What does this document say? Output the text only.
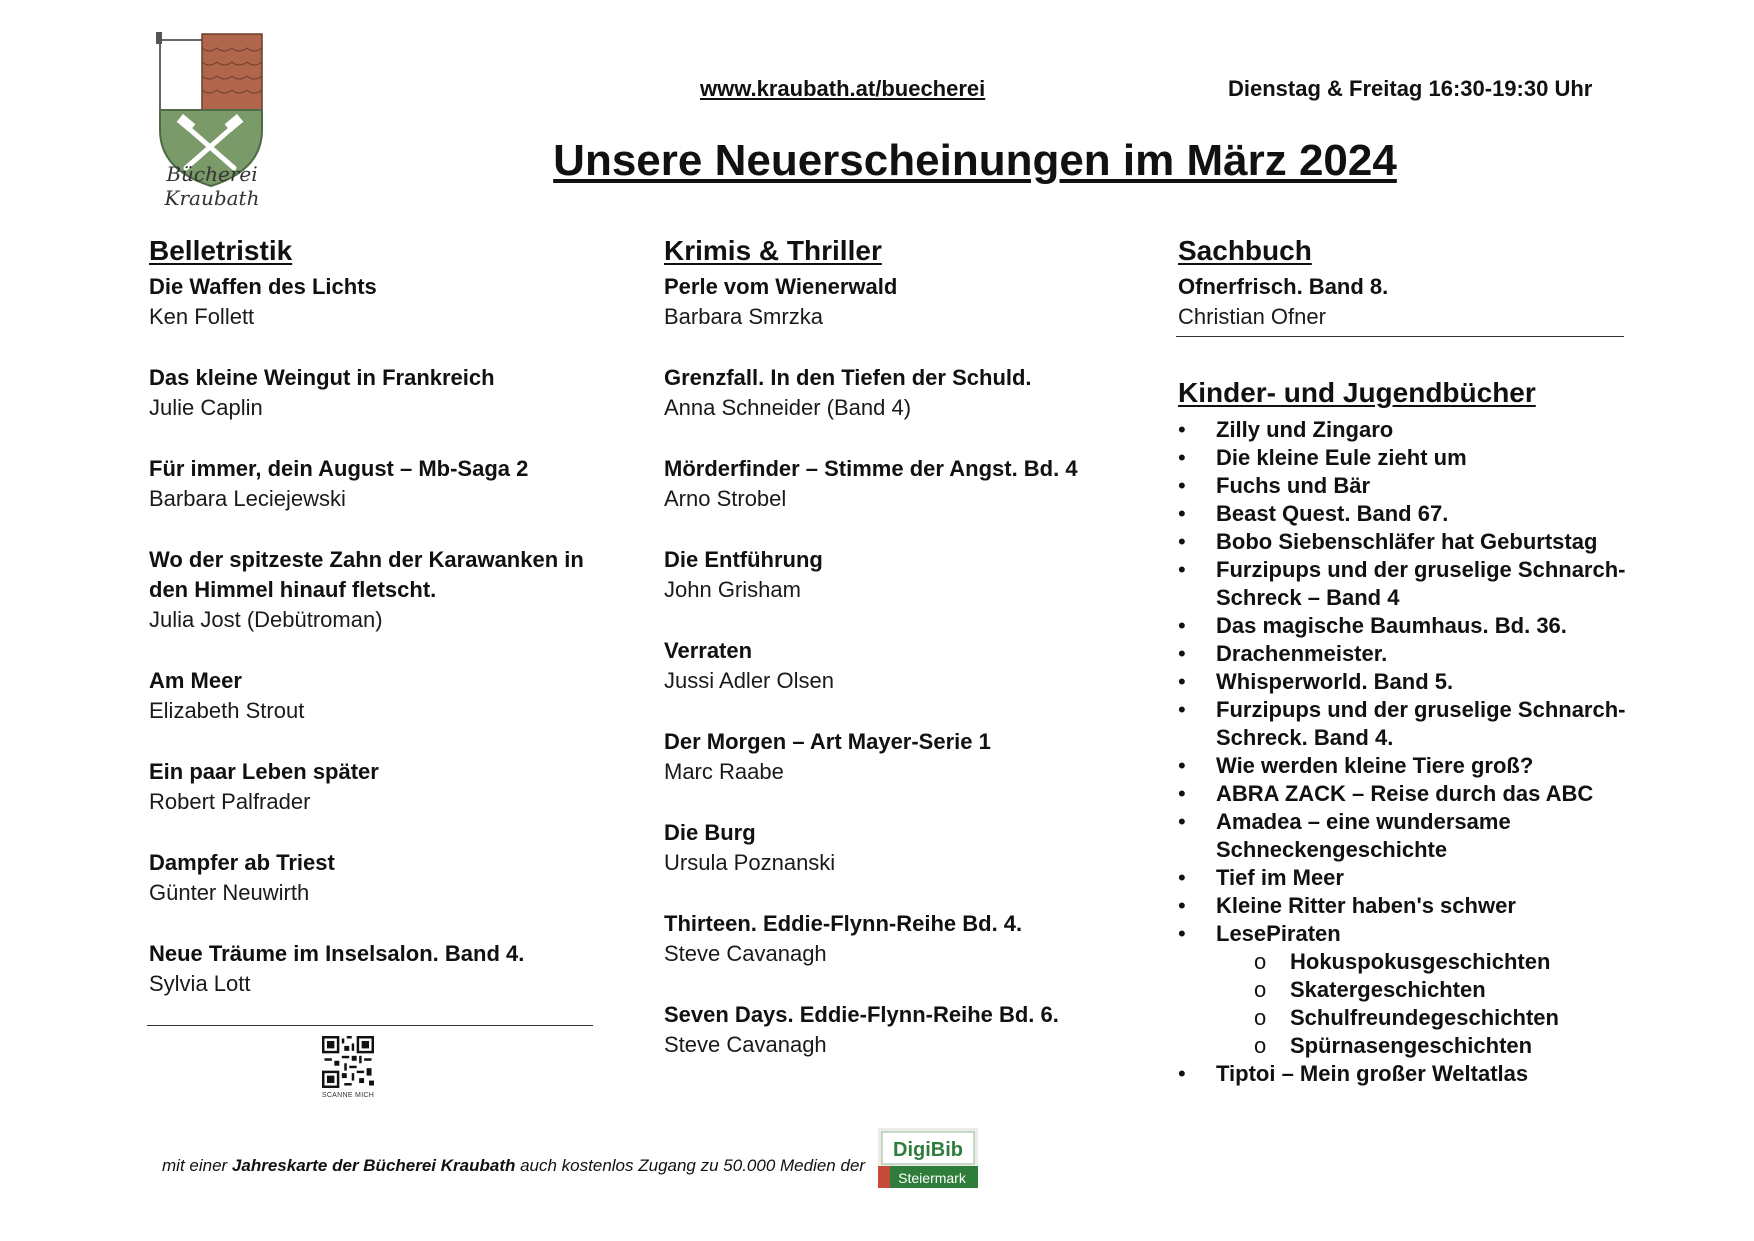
Bücherei
Kraubath
www.kraubath.at/buecherei	Dienstag & Freitag 16:30-19:30 Uhr
Unsere Neuerscheinungen im März 2024
Belletristik
Die Waffen des Lichts
Ken Follett
Das kleine Weingut in Frankreich
Julie Caplin
Für immer, dein August – Mb-Saga 2
Barbara Leciejewski
Wo der spitzeste Zahn der Karawanken in den Himmel hinauf fletscht.
Julia Jost (Debütroman)
Am Meer
Elizabeth Strout
Ein paar Leben später
Robert Palfrader
Dampfer ab Triest
Günter Neuwirth
Neue Träume im Inselsalon. Band 4.
Sylvia Lott
SCANNE MICH
Krimis & Thriller
Perle vom Wienerwald
Barbara Smrzka
Grenzfall. In den Tiefen der Schuld.
Anna Schneider (Band 4)
Mörderfinder – Stimme der Angst. Bd. 4
Arno Strobel
Die Entführung
John Grisham
Verraten
Jussi Adler Olsen
Der Morgen – Art Mayer-Serie 1
Marc Raabe
Die Burg
Ursula Poznanski
Thirteen. Eddie-Flynn-Reihe Bd. 4.
Steve Cavanagh
Seven Days. Eddie-Flynn-Reihe Bd. 6.
Steve Cavanagh
Sachbuch
Ofnerfrisch. Band 8.
Christian Ofner
Kinder- und Jugendbücher
• Zilly und Zingaro
• Die kleine Eule zieht um
• Fuchs und Bär
• Beast Quest. Band 67.
• Bobo Siebenschläfer hat Geburtstag
• Furzipups und der gruselige Schnarch-Schreck – Band 4
• Das magische Baumhaus. Bd. 36.
• Drachenmeister.
• Whisperworld. Band 5.
• Furzipups und der gruselige Schnarch-Schreck. Band 4.
• Wie werden kleine Tiere groß?
• ABRA ZACK – Reise durch das ABC
• Amadea – eine wundersame Schneckengeschichte
• Tief im Meer
• Kleine Ritter haben's schwer
• LesePiraten
o Hokuspokusgeschichten
o Skatergeschichten
o Schulfreundegeschichten
o Spürnasengeschichten
• Tiptoi – Mein großer Weltatlas
mit einer Jahreskarte der Bücherei Kraubath auch kostenlos Zugang zu 50.000 Medien der
DigiBib
Steiermark
